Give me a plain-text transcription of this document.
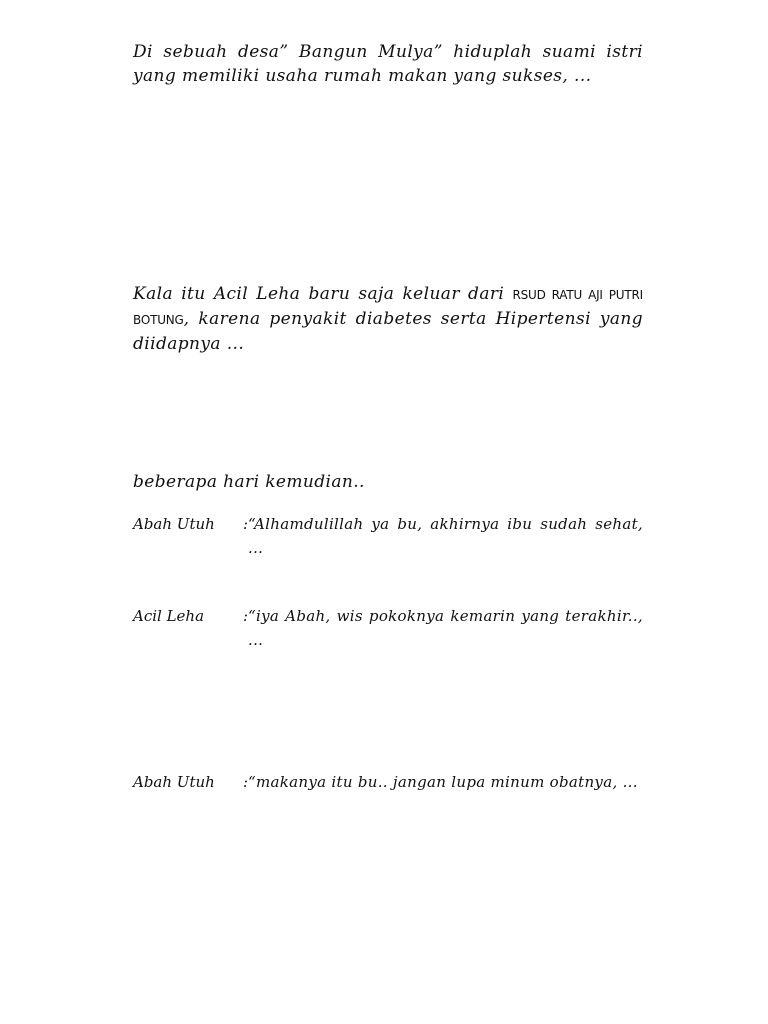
Di sebuah desa” Bangun Mulya” hiduplah suami istri yang memiliki usaha rumah makan yang sukses, ...

Kala itu Acil Leha baru saja keluar dari RSUD RATU AJI PUTRI BOTUNG, karena penyakit diabetes serta Hipertensi yang diidapnya ...

beberapa hari kemudian..

Abah Utuh	: “Alhamdulillah ya bu, akhirnya ibu sudah sehat, ...

Acil Leha	: “iya Abah, wis pokoknya kemarin yang terakhir.., ...

Abah Utuh	: “makanya itu bu.. jangan lupa minum obatnya, ...
